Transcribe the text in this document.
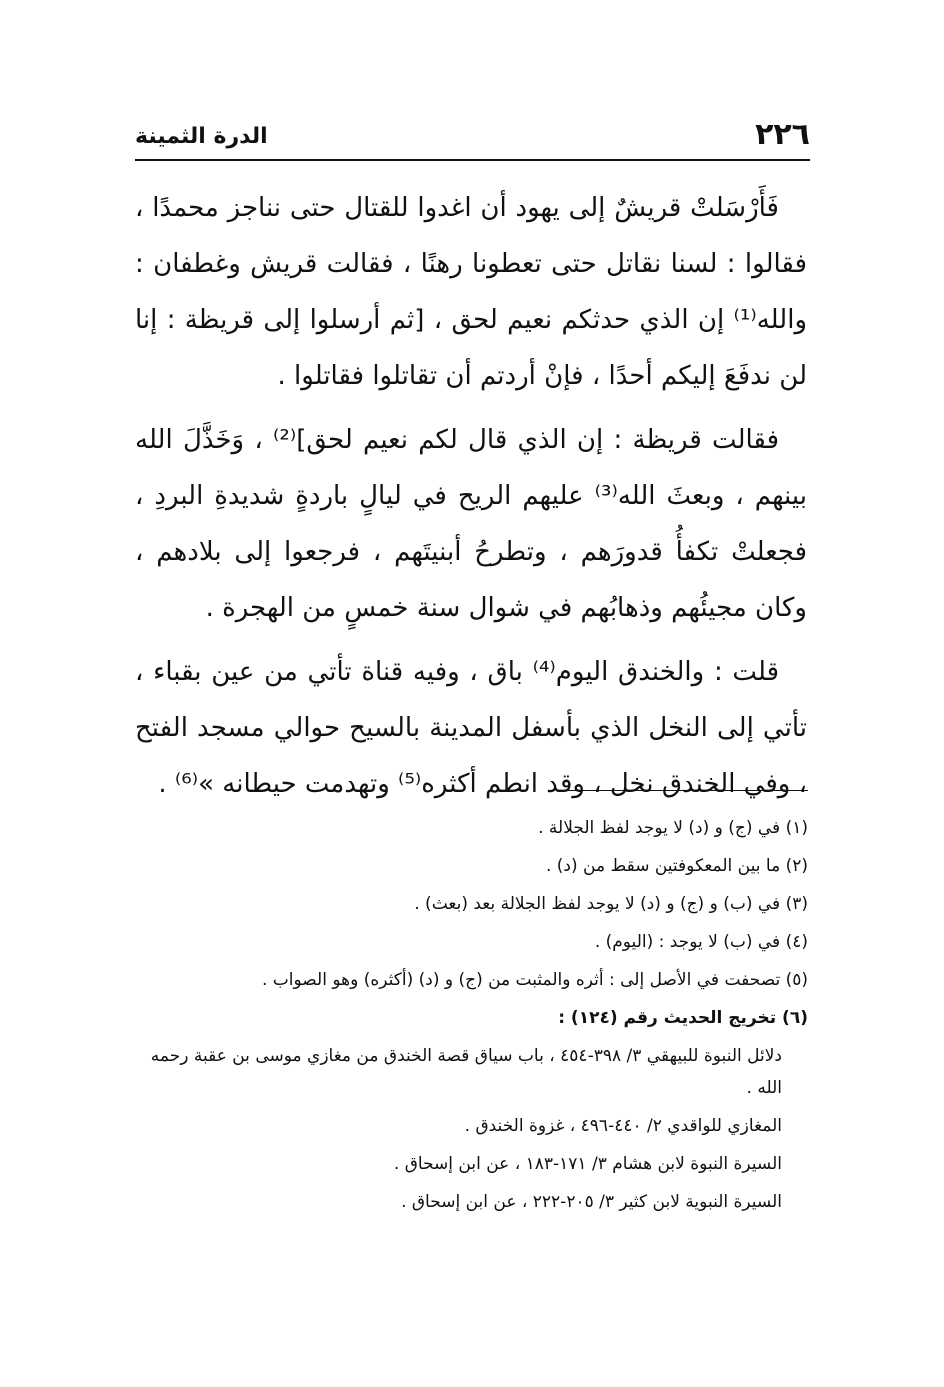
٢٢٦
الدرة الثمينة

فَأَرْسَلتْ قريشٌ إلى يهود أن اغدوا للقتال حتى نناجز محمدًا ، فقالوا : لسنا نقاتل حتى تعطونا رهنًا ، فقالت قريش وغطفان : والله⁽¹⁾ إن الذي حدثكم نعيم لحق ، [ثم أرسلوا إلى قريظة : إنا لن ندفَعَ إليكم أحدًا ، فإنْ أردتم أن تقاتلوا فقاتلوا .

فقالت قريظة : إن الذي قال لكم نعيم لحق]⁽²⁾ ، وَخَذَّلَ الله بينهم ، وبعثَ الله⁽³⁾ عليهم الريح في ليالٍ باردةٍ شديدةِ البردِ ، فجعلتْ تكفأُ قدورَهم ، وتطرحُ أبنيتَهم ، فرجعوا إلى بلادهم ، وكان مجيئُهم وذهابُهم في شوال سنة خمسٍ من الهجرة .

قلت : والخندق اليوم⁽⁴⁾ باق ، وفيه قناة تأتي من عين بقباء ، تأتي إلى النخل الذي بأسفل المدينة بالسيح حوالي مسجد الفتح ، وفي الخندق نخل ، وقد انطم أكثره⁽⁵⁾ وتهدمت حيطانه »⁽⁶⁾ .

(١) في (ج) و (د) لا يوجد لفظ الجلالة .
(٢) ما بين المعكوفتين سقط من (د) .
(٣) في (ب) و (ج) و (د) لا يوجد لفظ الجلالة بعد (بعث) .
(٤) في (ب) لا يوجد : (اليوم) .
(٥) تصحفت في الأصل إلى : أثره والمثبت من (ج) و (د) (أكثره) وهو الصواب .
(٦) تخريج الحديث رقم (١٢٤) :
دلائل النبوة للبيهقي ٣/ ٣٩٨-٤٥٤ ، باب سياق قصة الخندق من مغازي موسى بن عقبة رحمه الله .
المغازي للواقدي ٢/ ٤٤٠-٤٩٦ ، غزوة الخندق .
السيرة النبوة لابن هشام ٣/ ١٧١-١٨٣ ، عن ابن إسحاق .
السيرة النبوية لابن كثير ٣/ ٢٠٥-٢٢٢ ، عن ابن إسحاق .
